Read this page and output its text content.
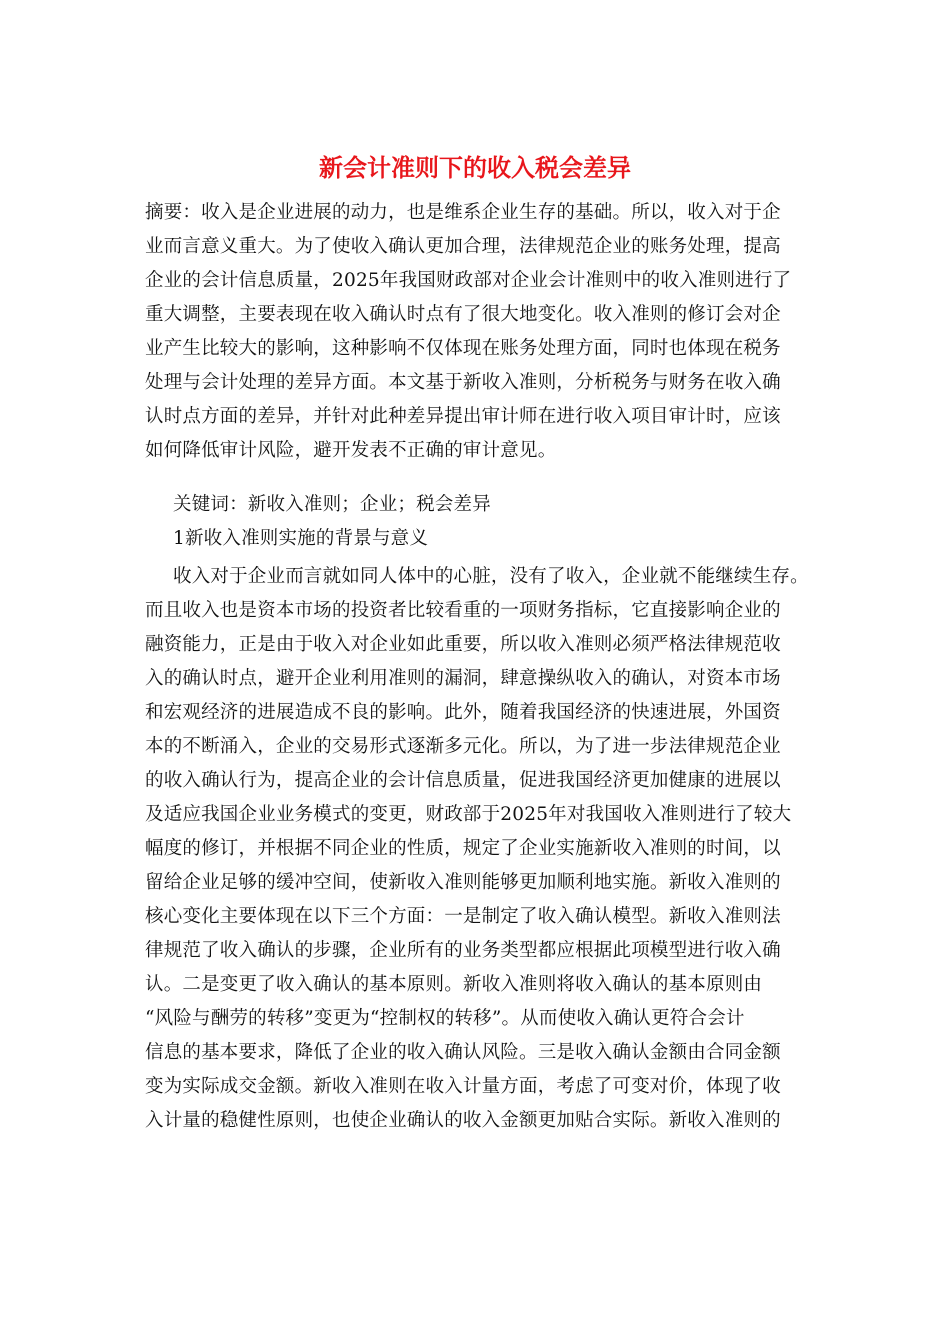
新会计准则下的收入税会差异
摘要：收入是企业进展的动力，也是维系企业生存的基础。所以，收入对于企
业而言意义重大。为了使收入确认更加合理，法律规范企业的账务处理，提高
企业的会计信息质量，2025年我国财政部对企业会计准则中的收入准则进行了
重大调整，主要表现在收入确认时点有了很大地变化。收入准则的修订会对企
业产生比较大的影响，这种影响不仅体现在账务处理方面，同时也体现在税务
处理与会计处理的差异方面。本文基于新收入准则，分析税务与财务在收入确
认时点方面的差异，并针对此种差异提出审计师在进行收入项目审计时，应该
如何降低审计风险，避开发表不正确的审计意见。
关键词：新收入准则；企业；税会差异
1新收入准则实施的背景与意义
收入对于企业而言就如同人体中的心脏，没有了收入，企业就不能继续生存。
而且收入也是资本市场的投资者比较看重的一项财务指标，它直接影响企业的
融资能力，正是由于收入对企业如此重要，所以收入准则必须严格法律规范收
入的确认时点，避开企业利用准则的漏洞，肆意操纵收入的确认，对资本市场
和宏观经济的进展造成不良的影响。此外，随着我国经济的快速进展，外国资
本的不断涌入，企业的交易形式逐渐多元化。所以，为了进一步法律规范企业
的收入确认行为，提高企业的会计信息质量，促进我国经济更加健康的进展以
及适应我国企业业务模式的变更，财政部于2025年对我国收入准则进行了较大
幅度的修订，并根据不同企业的性质，规定了企业实施新收入准则的时间，以
留给企业足够的缓冲空间，使新收入准则能够更加顺利地实施。新收入准则的
核心变化主要体现在以下三个方面：一是制定了收入确认模型。新收入准则法
律规范了收入确认的步骤，企业所有的业务类型都应根据此项模型进行收入确
认。二是变更了收入确认的基本原则。新收入准则将收入确认的基本原则由
“风险与酬劳的转移”变更为“控制权的转移”。从而使收入确认更符合会计
信息的基本要求，降低了企业的收入确认风险。三是收入确认金额由合同金额
变为实际成交金额。新收入准则在收入计量方面，考虑了可变对价，体现了收
入计量的稳健性原则，也使企业确认的收入金额更加贴合实际。新收入准则的
